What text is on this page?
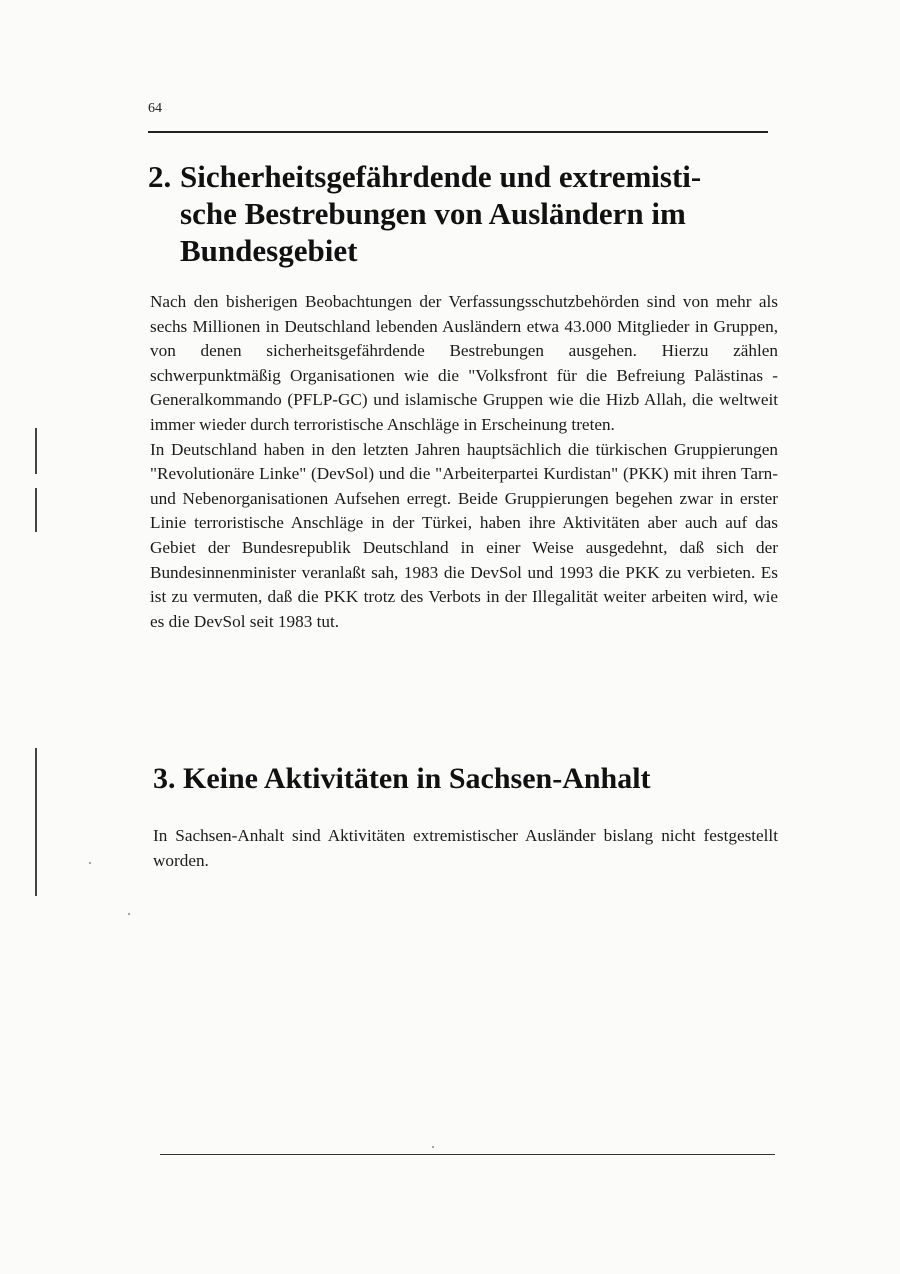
64
2. Sicherheitsgefährdende und extremisti-
sche Bestrebungen von Ausländern im
Bundesgebiet

Nach den bisherigen Beobachtungen der Verfassungsschutzbehörden sind von mehr als sechs Millionen in Deutschland lebenden Ausländern etwa 43.000 Mitglieder in Gruppen, von denen sicherheitsgefährdende Bestrebungen ausgehen. Hierzu zählen schwerpunktmäßig Organisationen wie die "Volksfront für die Befreiung Palästinas - Generalkommando (PFLP-GC) und islamische Gruppen wie die Hizb Allah, die weltweit immer wieder durch terroristische Anschläge in Erscheinung treten.

In Deutschland haben in den letzten Jahren hauptsächlich die türkischen Gruppierungen "Revolutionäre Linke" (DevSol) und die "Arbeiterpartei Kurdistan" (PKK) mit ihren Tarn- und Nebenorganisationen Aufsehen erregt. Beide Gruppierungen begehen zwar in erster Linie terroristische Anschläge in der Türkei, haben ihre Aktivitäten aber auch auf das Gebiet der Bundesrepublik Deutschland in einer Weise ausgedehnt, daß sich der Bundesinnenminister veranlaßt sah, 1983 die DevSol und 1993 die PKK zu verbieten. Es ist zu vermuten, daß die PKK trotz des Verbots in der Illegalität weiter arbeiten wird, wie es die DevSol seit 1983 tut.

3. Keine Aktivitäten in Sachsen-Anhalt

In Sachsen-Anhalt sind Aktivitäten extremistischer Ausländer bislang nicht festgestellt worden.
